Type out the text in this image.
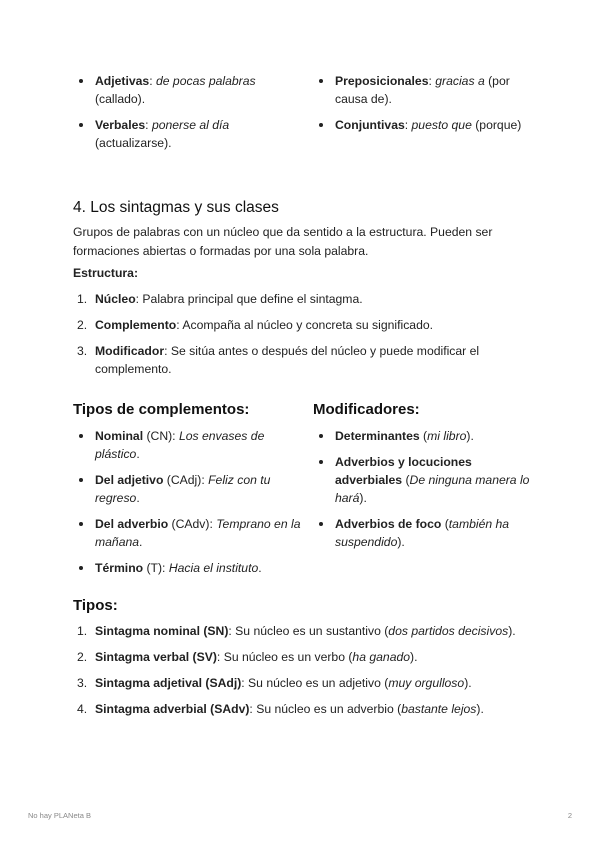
Adjetivas: de pocas palabras (callado).
Verbales: ponerse al día (actualizarse).
Preposicionales: gracias a (por causa de).
Conjuntivas: puesto que (porque)
4. Los sintagmas y sus clases

Grupos de palabras con un núcleo que da sentido a la estructura. Pueden ser formaciones abiertas o formadas por una sola palabra.

Estructura:

1. Núcleo: Palabra principal que define el sintagma.
2. Complemento: Acompaña al núcleo y concreta su significado.
3. Modificador: Se sitúa antes o después del núcleo y puede modificar el complemento.
Tipos de complementos:
Nominal (CN): Los envases de plástico.
Del adjetivo (CAdj): Feliz con tu regreso.
Del adverbio (CAdv): Temprano en la mañana.
Término (T): Hacia el instituto.
Modificadores:
Determinantes (mi libro).
Adverbios y locuciones adverbiales (De ninguna manera lo hará).
Adverbios de foco (también ha suspendido).
Tipos:
1. Sintagma nominal (SN): Su núcleo es un sustantivo (dos partidos decisivos).
2. Sintagma verbal (SV): Su núcleo es un verbo (ha ganado).
3. Sintagma adjetival (SAdj): Su núcleo es un adjetivo (muy orgulloso).
4. Sintagma adverbial (SAdv): Su núcleo es un adverbio (bastante lejos).
No hay PLANeta B	2
